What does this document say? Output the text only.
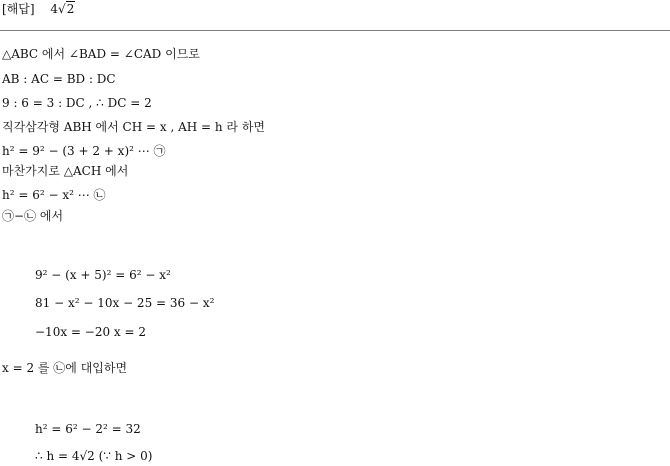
[해답] 4√2
△ABC 에서 ∠BAD = ∠CAD 이므로
AB : AC = BD : DC
9 : 6 = 3 : DC , ∴ DC = 2
직각삼각형 ABH 에서 CH = x , AH = h 라 하면
h² = 9² − (3 + 2 + x)² ⋯ ㉠
마찬가지로 △ACH 에서
h² = 6² − x² ⋯ ㉡
㉠−㉡ 에서
9² − (x + 5)² = 6² − x²
81 − x² − 10x − 25 = 36 − x²
−10x = −20 x = 2
x = 2 를 ㉡에 대입하면
h² = 6² − 2² = 32
∴ h = 4√2 (∵ h > 0)
